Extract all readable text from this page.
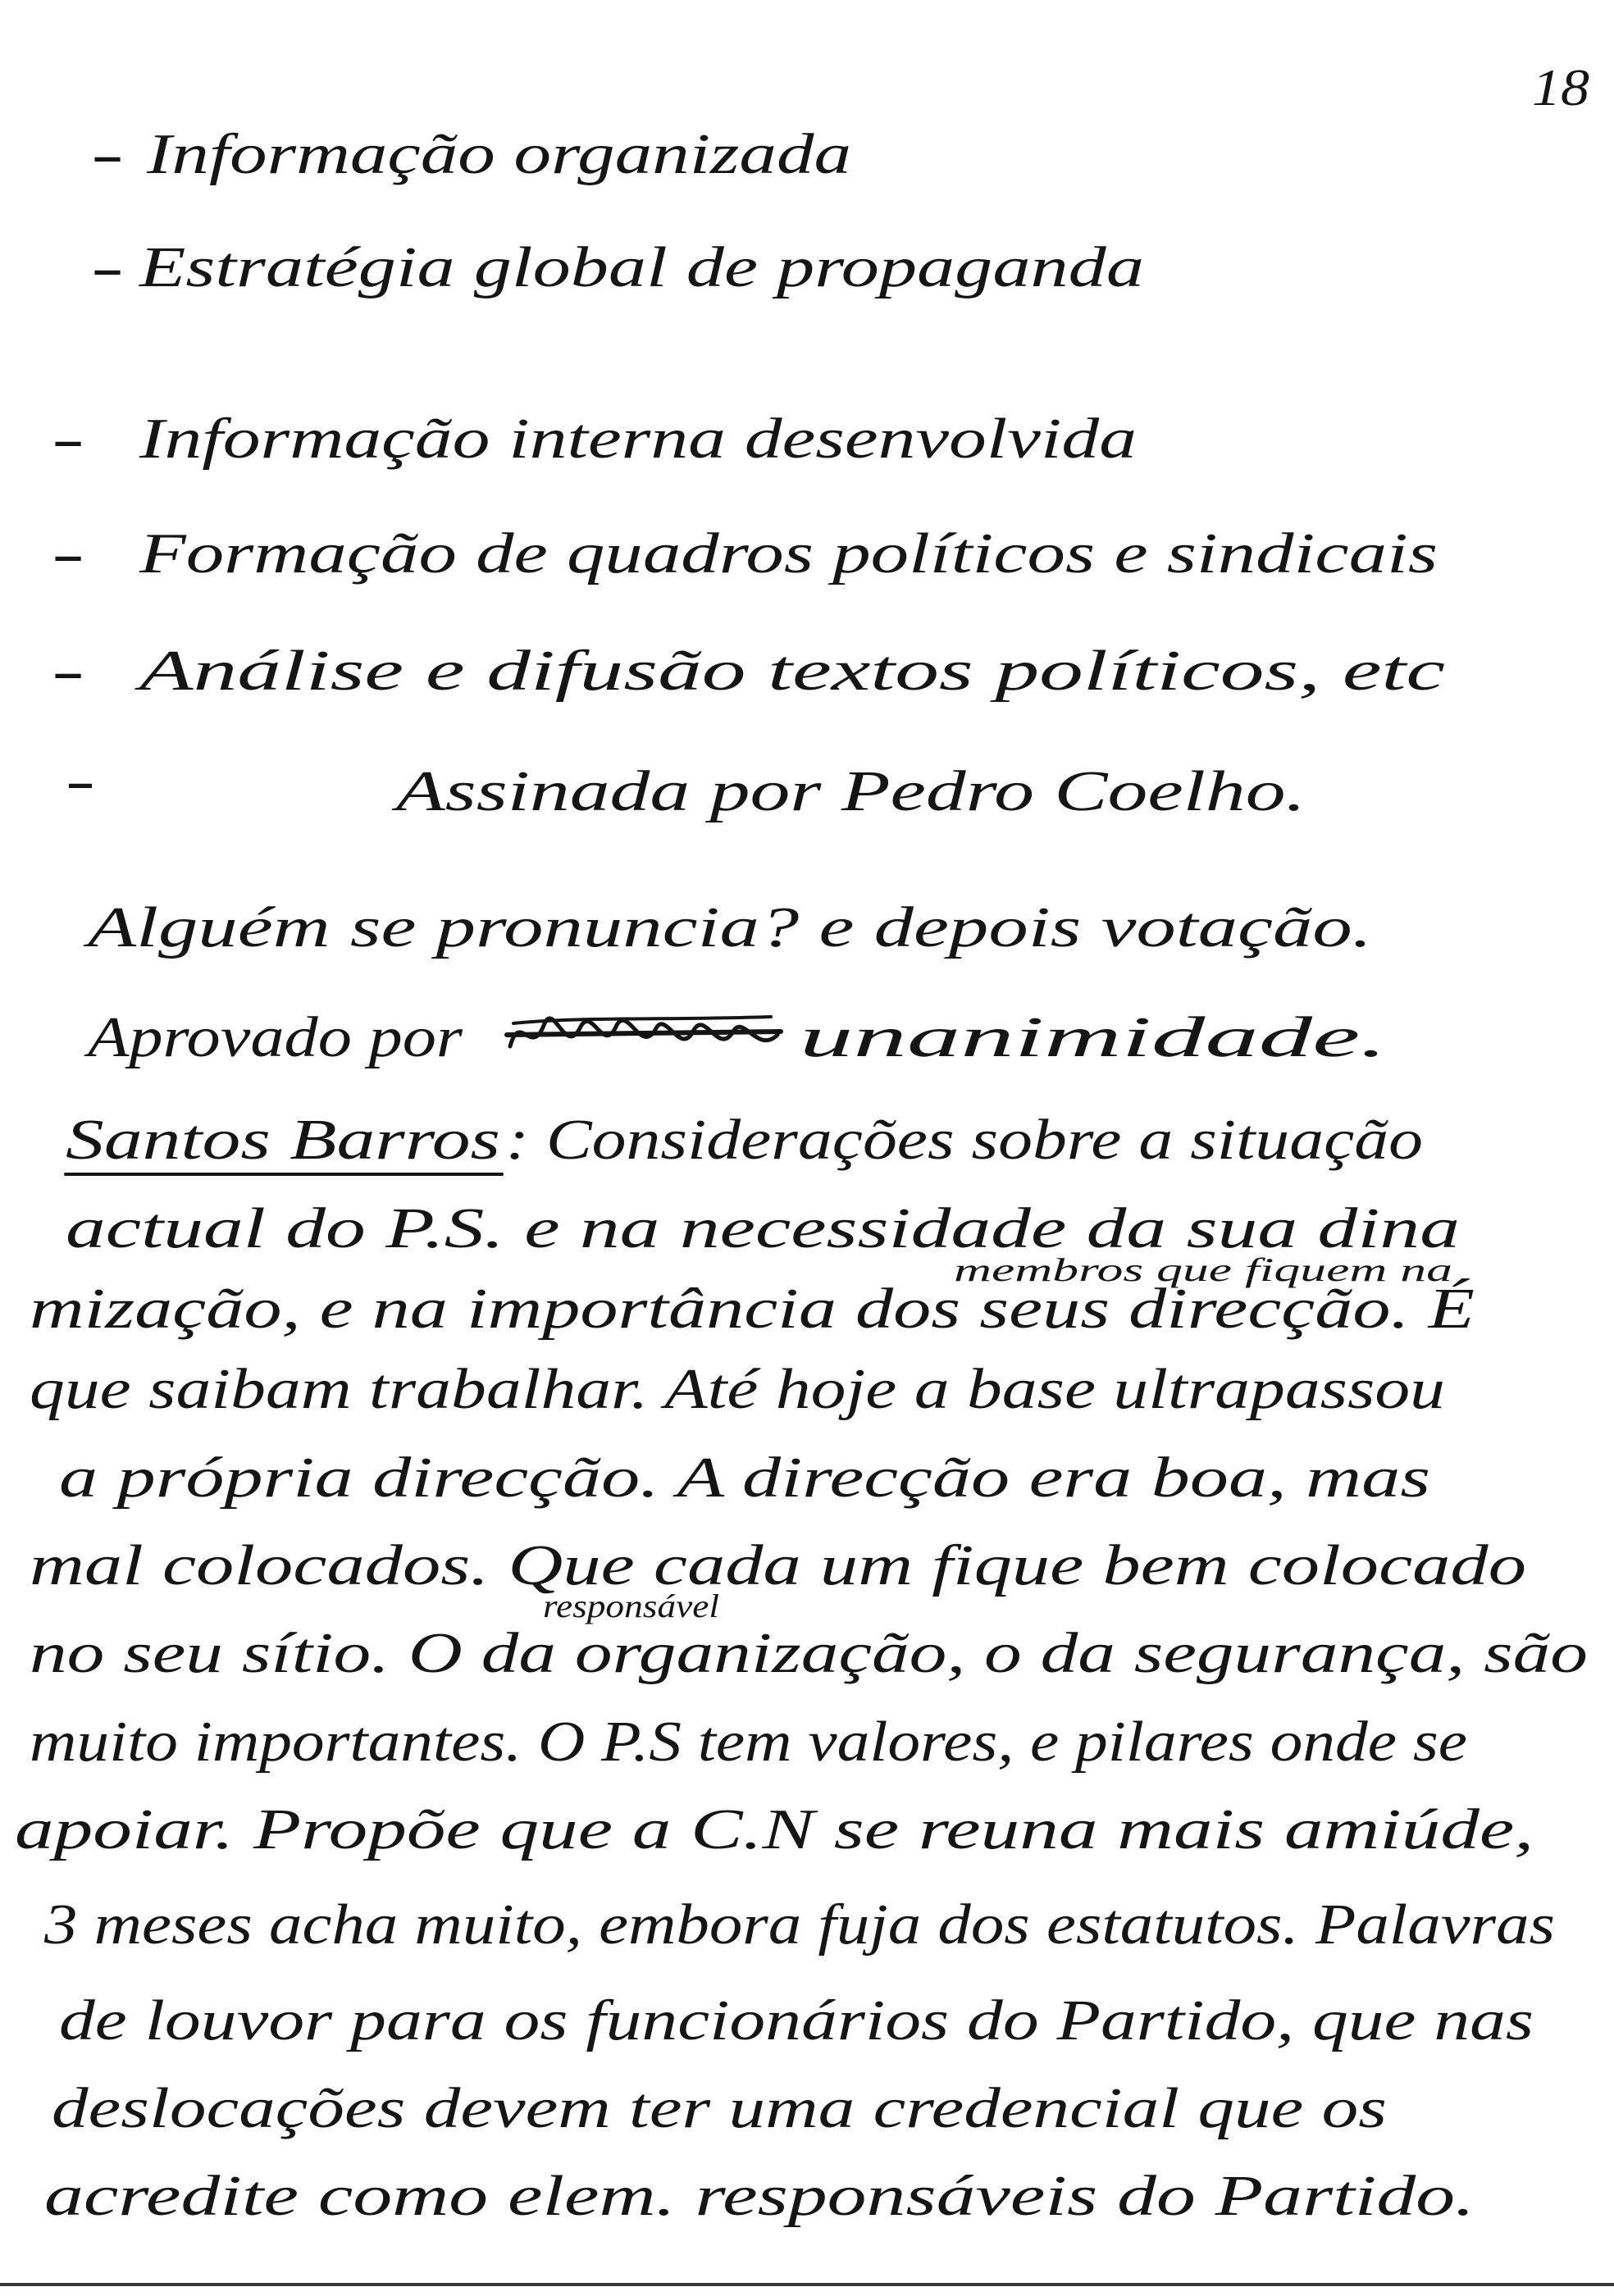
18
- Informação organizada
- Estratégia global de propaganda
- Informação interna desenvolvida
- Formação de quadros políticos e sindicais
- Análise e difusão textos políticos, etc
-	Assinada por Pedro Coelho.
Alguém se pronuncia? e depois votação.
Aprovado por	unanimidade.
Santos Barros : Considerações sobre a situação
actual do P.S. e na necessidade da sua dina
membros que fiquem na
mização, e na importância dos seus direcção. É
que saibam trabalhar. Até hoje a base ultrapassou
a própria direcção. A direcção era boa, mas
mal colocados. Que cada um fique bem colocado
responsável
no seu sítio. O da organização, o da segurança, são
muito importantes. O P.S tem valores, e pilares onde se
apoiar. Propõe que a C.N se reuna mais amiúde,
3 meses acha muito, embora fuja dos estatutos. Palavras
de louvor para os funcionários do Partido, que nas
deslocações devem ter uma credencial que os
acredite como elem. responsáveis do Partido.
